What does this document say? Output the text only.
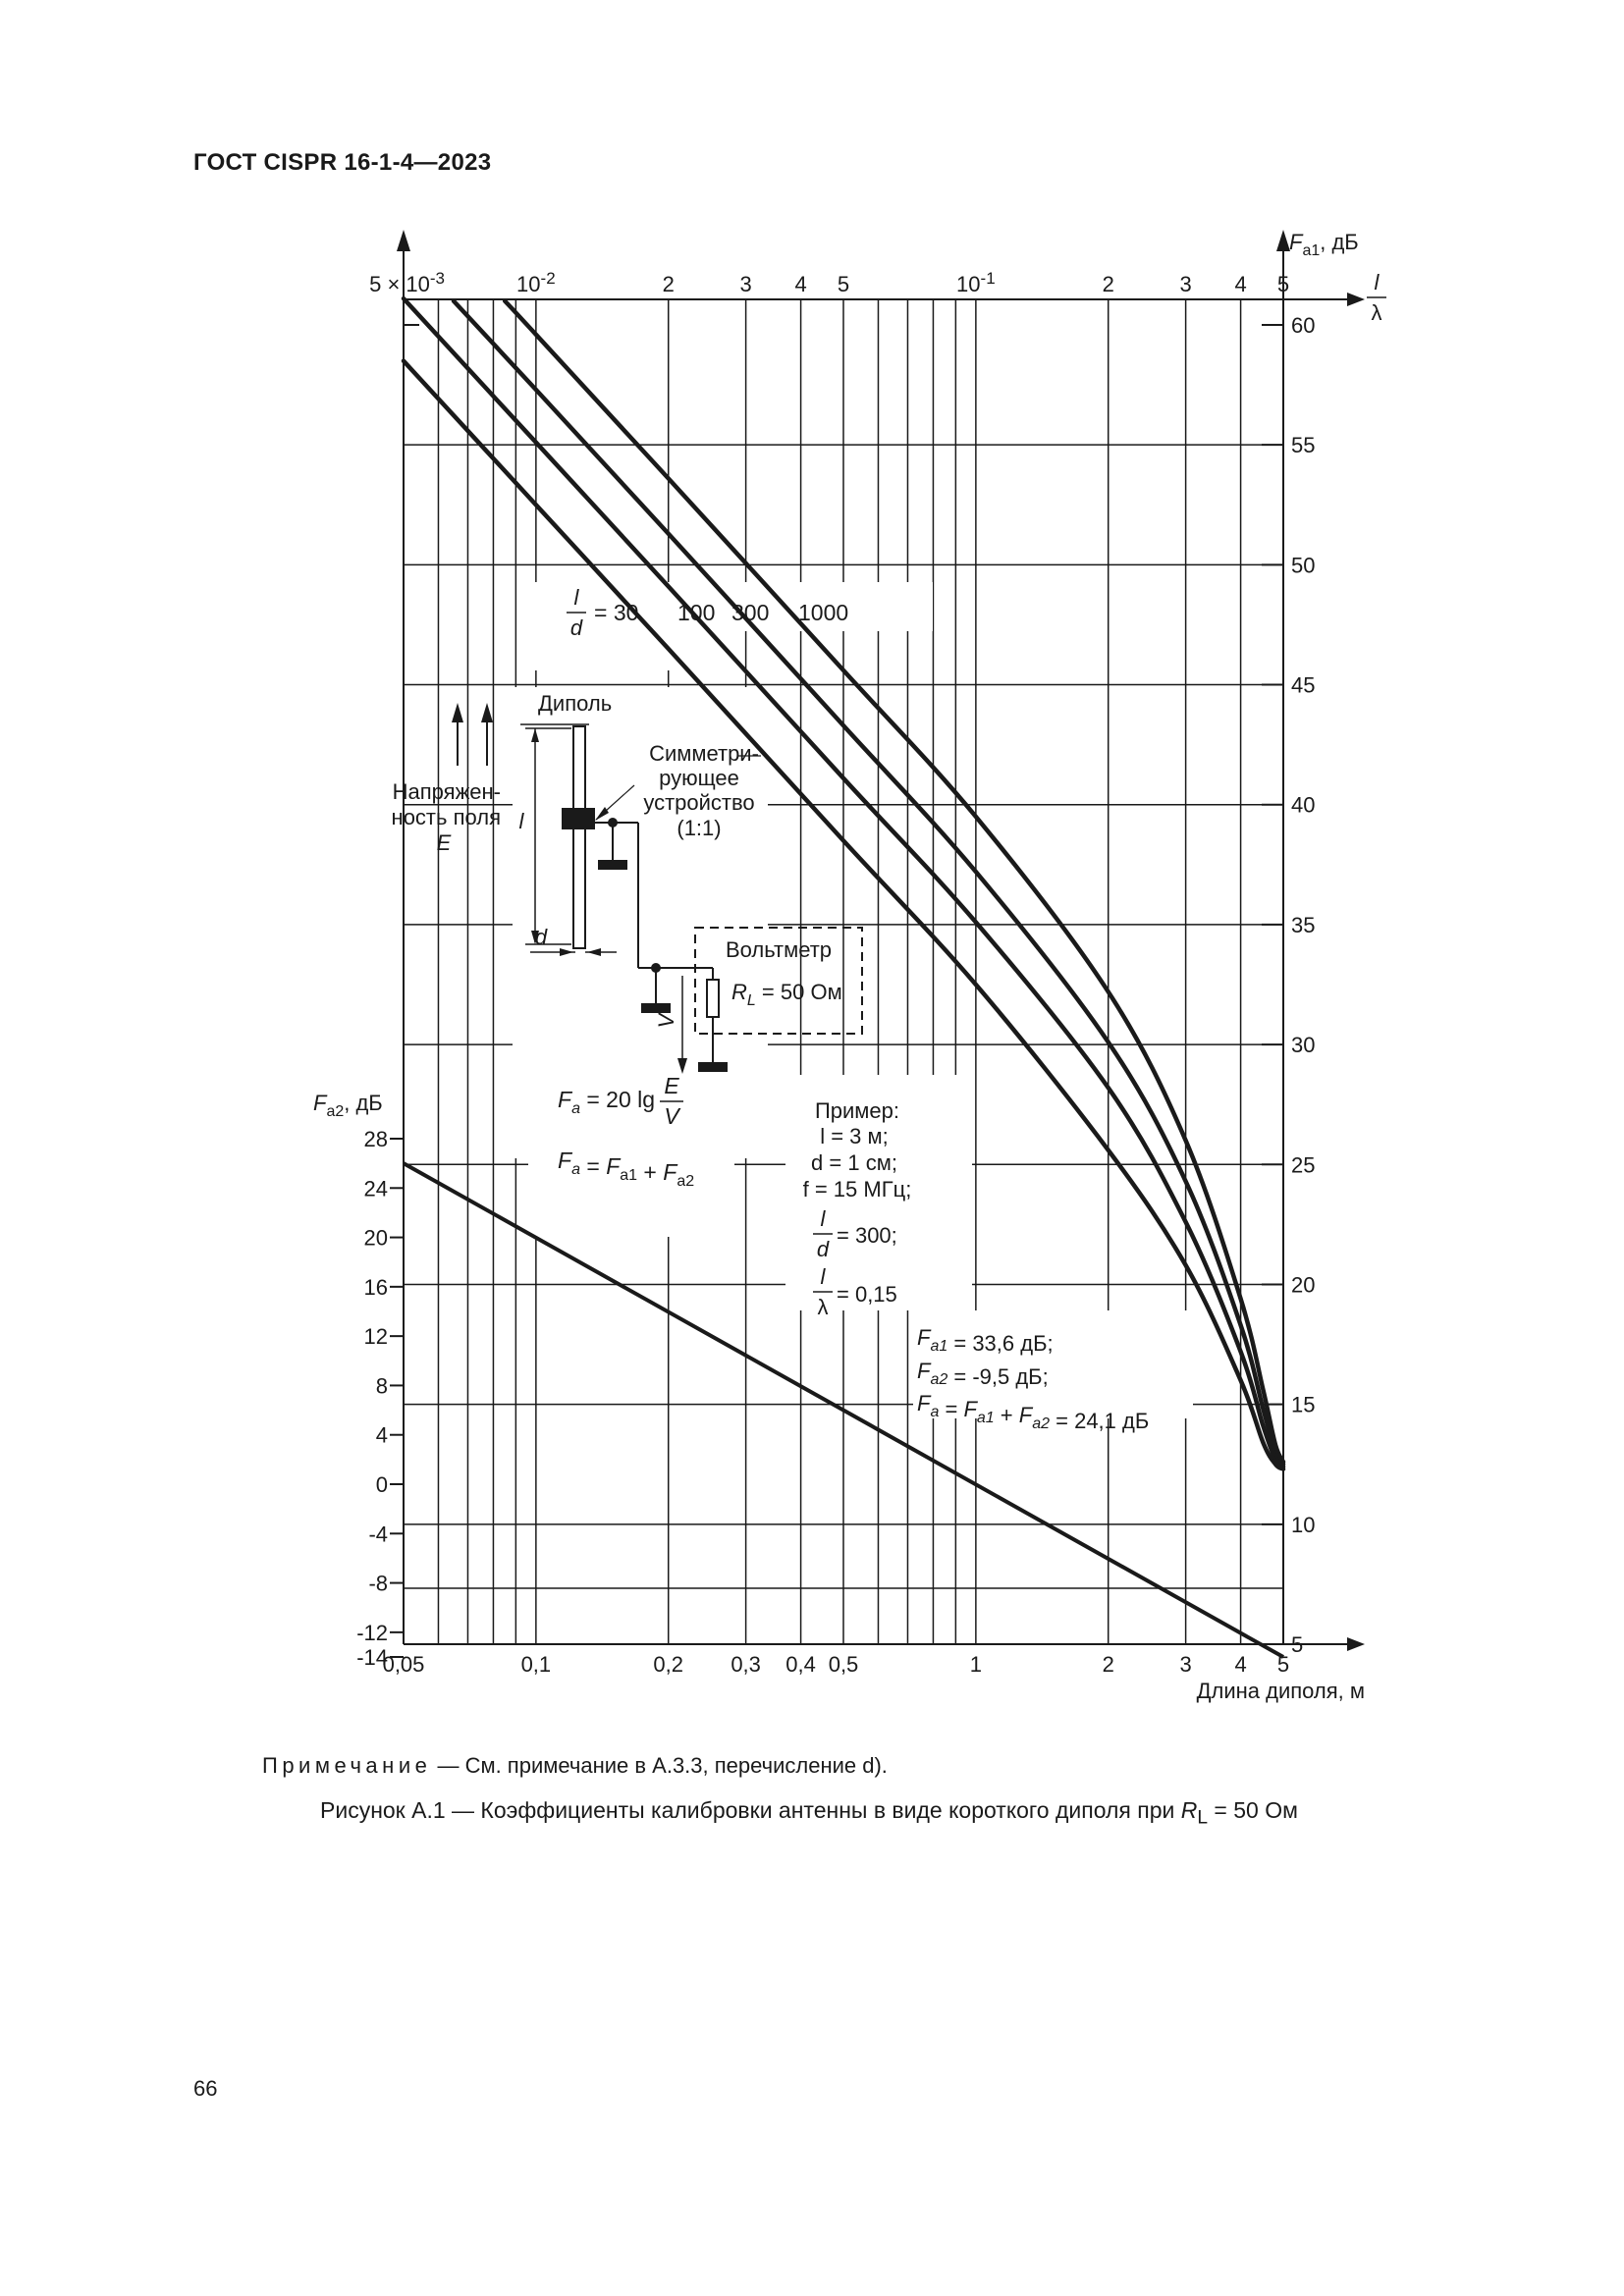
ГОСТ CISPR 16-1-4—2023
$5 \times 10^{-3}$	$10^{-2}$	2	3 4 5	$10^{-1}$	2	3 4 5
0,05	0,1	0,2 0,3 0,4 0,5	1	2	3 4 5
Длина диполя, м
5
10
15
20
25
30
35
40
45
50
55
60
28
24
20
16
12
8
4
0
-4
-8
-12
-14
$F_{a1}$, дБ
$F_{a2}$, дБ
l
λ
Диполь
l
d
Напряжен-
ность поля
E
Вольтметр
$R_L = 50$ Ом
V
Симметри-
рующее
устройство
(1:1)
l
d
= 30 100 300 1000
$F_a = 20$ lg
E
V
$F_a = F_{a1} + F_{a2}$
Пример:
l = 3 м;
d = 1 см;
f = 15 МГц;
l
d
= 300;
l
λ
= 0,15
$F_{a1} = 33,6$ дБ;
$F_{a2} = -9,5$ дБ;
$F_a = F_{a1} + F_{a2} = 24,1$ дБ
Примечание — См. примечание в А.3.3, перечисление d).
Рисунок А.1 — Коэффициенты калибровки антенны в виде короткого диполя при $R_L = 50$ Ом
66
